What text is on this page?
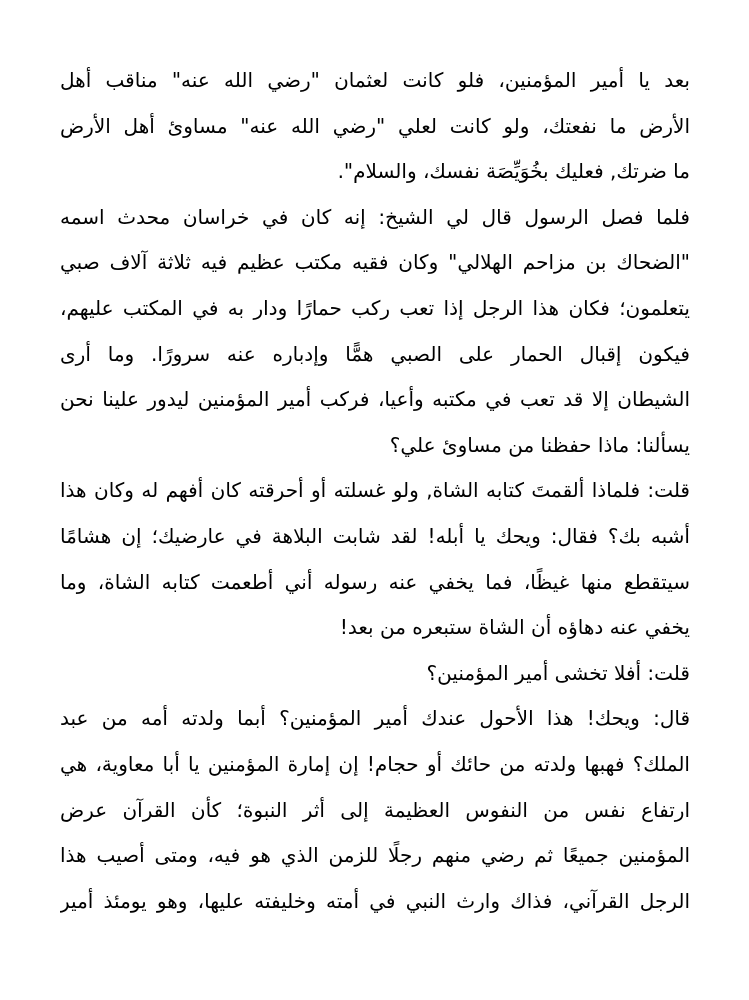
بعد يا أمير المؤمنين، فلو كانت لعثمان "رضي الله عنه" مناقب أهل
الأرض ما نفعتك، ولو كانت لعلي "رضي الله عنه" مساوئ أهل الأرض
ما ضرتك, فعليك بخُوَيِّصَة نفسك، والسلام".
فلما فصل الرسول قال لي الشيخ: إنه كان في خراسان محدث اسمه
"الضحاك بن مزاحم الهلالي" وكان فقيه مكتب عظيم فيه ثلاثة آلاف صبي
يتعلمون؛ فكان هذا الرجل إذا تعب ركب حمارًا ودار به في المكتب عليهم،
فيكون إقبال الحمار على الصبي همًّا وإدباره عنه سرورًا. وما أرى
الشيطان إلا قد تعب في مكتبه وأعيا، فركب أمير المؤمنين ليدور علينا نحن
يسألنا: ماذا حفظنا من مساوئ علي؟
قلت: فلماذا ألقمتَ كتابه الشاة, ولو غسلته أو أحرقته كان أفهم له وكان هذا
أشبه بك؟ فقال: ويحك يا أبله! لقد شابت البلاهة في عارضيك؛ إن هشامًا
سيتقطع منها غيظًا، فما يخفي عنه رسوله أني أطعمت كتابه الشاة، وما
يخفي عنه دهاؤه أن الشاة ستبعره من بعد!
قلت: أفلا تخشى أمير المؤمنين؟
قال: ويحك! هذا الأحول عندك أمير المؤمنين؟ أبما ولدته أمه من عبد
الملك؟ فهبها ولدته من حائك أو حجام! إن إمارة المؤمنين يا أبا معاوية، هي
ارتفاع نفس من النفوس العظيمة إلى أثر النبوة؛ كأن القرآن عرض
المؤمنين جميعًا ثم رضي منهم رجلًا للزمن الذي هو فيه، ومتى أصيب هذا
الرجل القرآني، فذاك وارث النبي في أمته وخليفته عليها، وهو يومئذ أمير
